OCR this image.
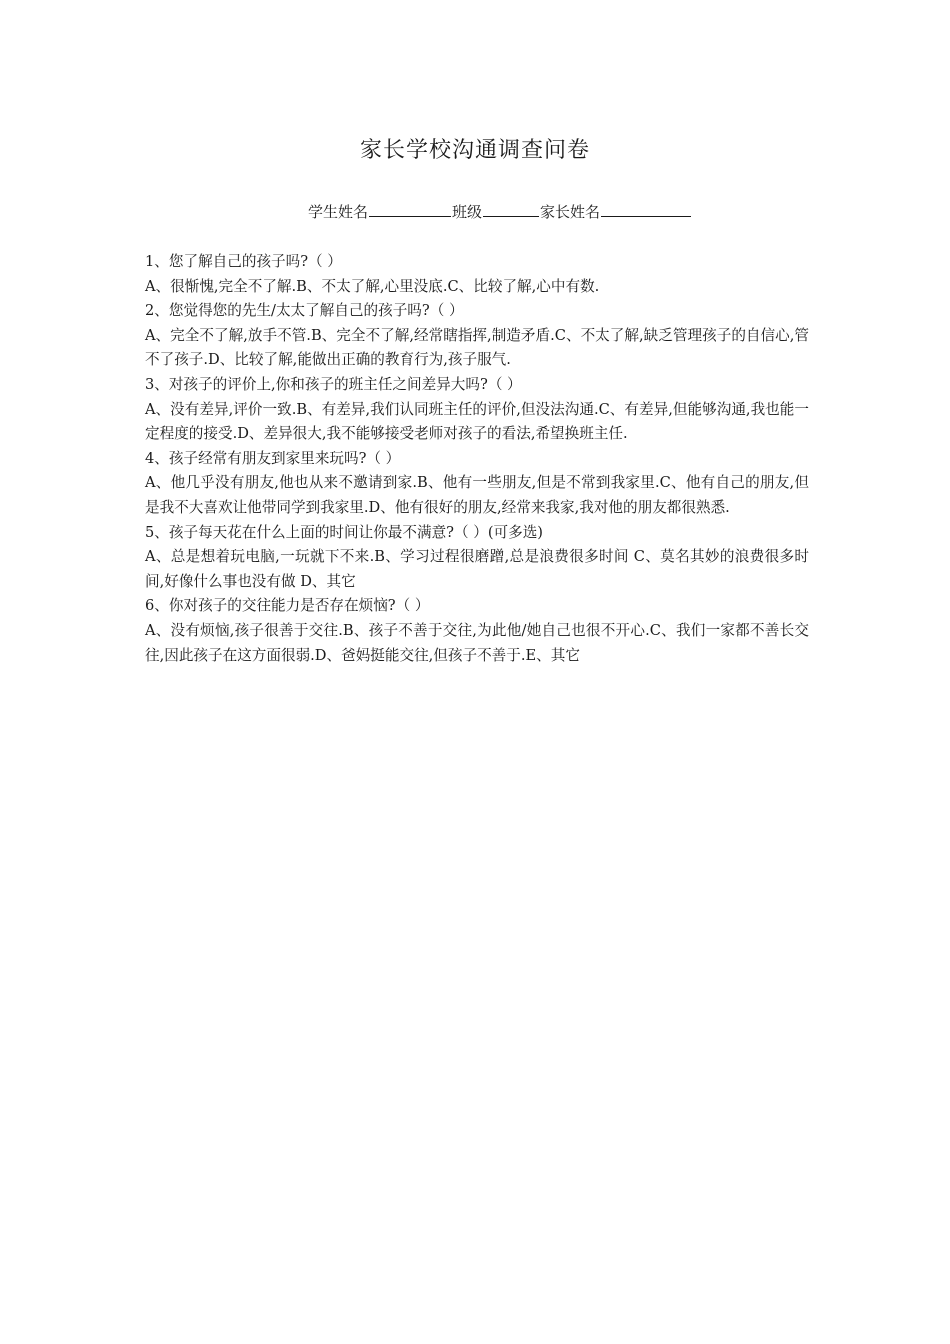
家长学校沟通调查问卷
学生姓名	班级	家长姓名

1、您了解自己的孩子吗?（ ）

A、很惭愧,完全不了解.B、不太了解,心里没底.C、比较了解,心中有数.

2、您觉得您的先生/太太了解自己的孩子吗?（ ）

A、完全不了解,放手不管.B、完全不了解,经常瞎指挥,制造矛盾.C、不太了解,缺乏管理孩子的自信心,管不了孩子.D、比较了解,能做出正确的教育行为,孩子服气.

3、对孩子的评价上,你和孩子的班主任之间差异大吗?（ ）

A、没有差异,评价一致.B、有差异,我们认同班主任的评价,但没法沟通.C、有差异,但能够沟通,我也能一定程度的接受.D、差异很大,我不能够接受老师对孩子的看法,希望换班主任.

4、孩子经常有朋友到家里来玩吗?（ ）

A、他几乎没有朋友,他也从来不邀请到家.B、他有一些朋友,但是不常到我家里.C、他有自己的朋友,但是我不大喜欢让他带同学到我家里.D、他有很好的朋友,经常来我家,我对他的朋友都很熟悉.

5、孩子每天花在什么上面的时间让你最不满意?（ ）(可多选)

A、总是想着玩电脑,一玩就下不来.B、学习过程很磨蹭,总是浪费很多时间 C、莫名其妙的浪费很多时间,好像什么事也没有做 D、其它

6、你对孩子的交往能力是否存在烦恼?（ ）

A、没有烦恼,孩子很善于交往.B、孩子不善于交往,为此他/她自己也很不开心.C、我们一家都不善长交往,因此孩子在这方面很弱.D、爸妈挺能交往,但孩子不善于.E、其它
